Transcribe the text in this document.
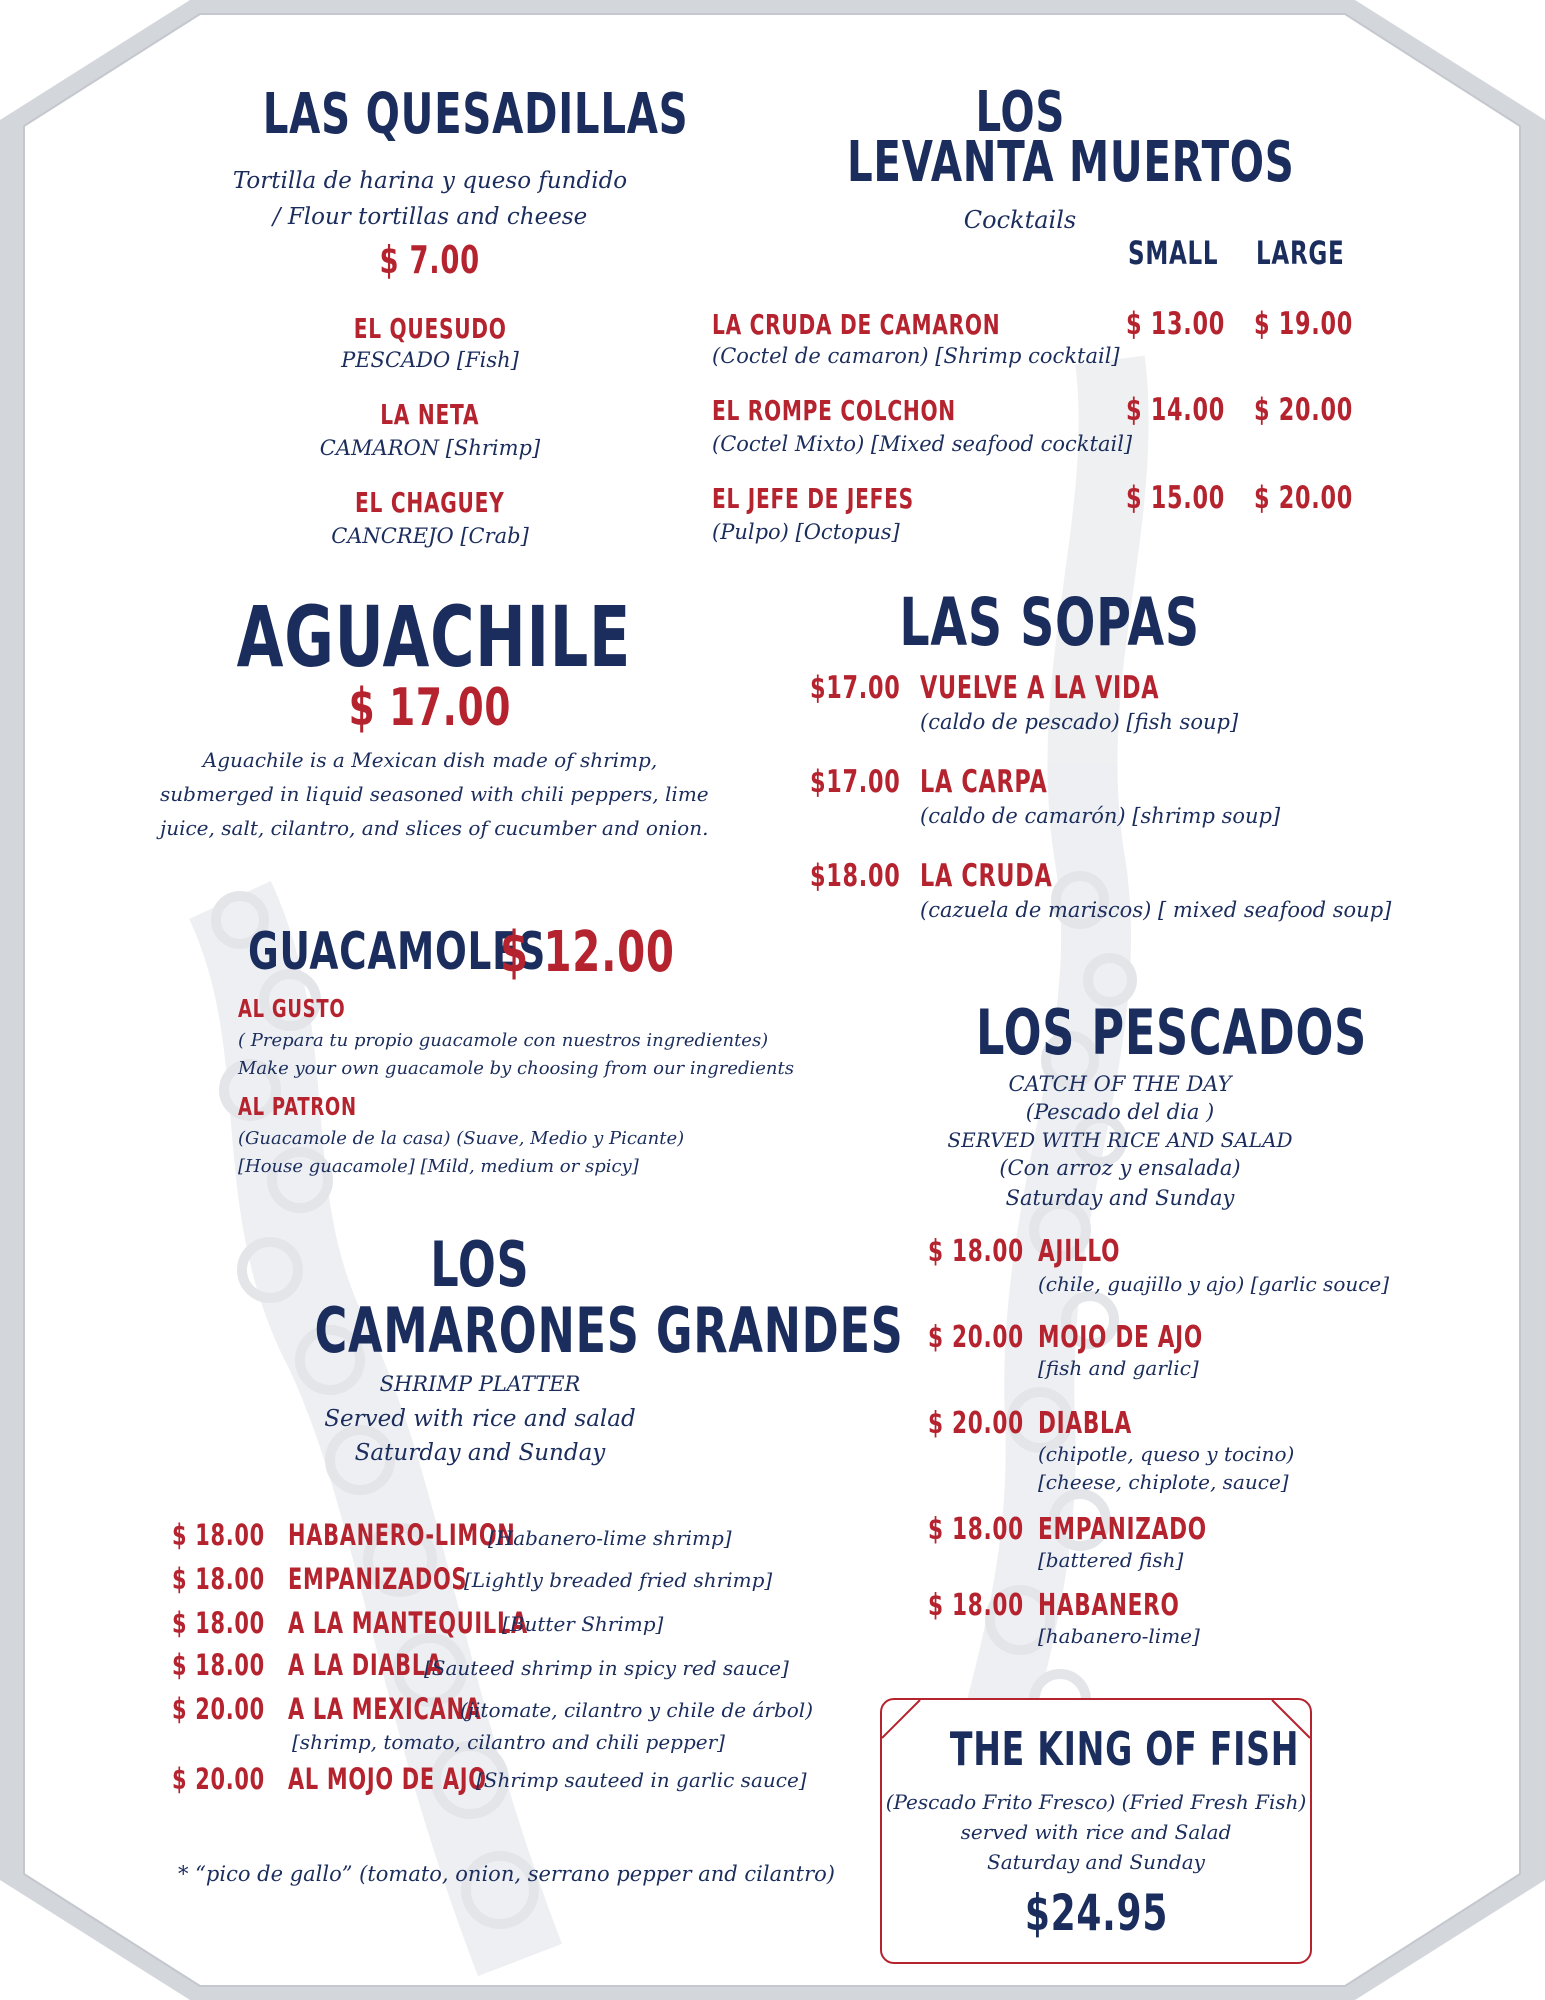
LAS QUESADILLAS
Tortilla de harina y queso fundido
/ Flour tortillas and cheese
$ 7.00
EL QUESUDO
PESCADO [Fish]
LA NETA
CAMARON [Shrimp]
EL CHAGUEY
CANCREJO [Crab]
LOS
LEVANTA MUERTOS
Cocktails
SMALL	LARGE
LA CRUDA DE CAMARON
(Coctel de camaron) [Shrimp cocktail]
$ 13.00 $ 19.00
EL ROMPE COLCHON
(Coctel Mixto) [Mixed seafood cocktail]
$ 14.00 $ 20.00
EL JEFE DE JEFES
(Pulpo) [Octopus]
$ 15.00 $ 20.00
AGUACHILE
$ 17.00
Aguachile is a Mexican dish made of shrimp,
submerged in liquid seasoned with chili peppers, lime
juice, salt, cilantro, and slices of cucumber and onion.
LAS SOPAS
$17.00 VUELVE A LA VIDA
(caldo de pescado) [fish soup]
$17.00 LA CARPA
(caldo de camarón) [shrimp soup]
$18.00 LA CRUDA
(cazuela de mariscos) [ mixed seafood soup]
GUACAMOLES
$ 12.00
AL GUSTO
( Prepara tu propio guacamole con nuestros ingredientes)
Make your own guacamole by choosing from our ingredients
AL PATRON
(Guacamole de la casa) (Suave, Medio y Picante)
[House guacamole] [Mild, medium or spicy]
LOS PESCADOS
CATCH OF THE DAY
(Pescado del dia )
SERVED WITH RICE AND SALAD
(Con arroz y ensalada)
Saturday and Sunday
$ 18.00 AJILLO
(chile, guajillo y ajo) [garlic souce]
$ 20.00 MOJO DE AJO
[fish and garlic]
$ 20.00 DIABLA
(chipotle, queso y tocino)
[cheese, chiplote, sauce]
$ 18.00 EMPANIZADO
[battered fish]
$ 18.00 HABANERO
[habanero-lime]
LOS
CAMARONES GRANDES
SHRIMP PLATTER
Served with rice and salad
Saturday and Sunday
$ 18.00 HABANERO-LIMON
[Habanero-lime shrimp]
$ 18.00 EMPANIZADOS
[Lightly breaded fried shrimp]
$ 18.00 A LA MANTEQUILLA
[Butter Shrimp]
$ 18.00 A LA DIABLA
[Sauteed shrimp in spicy red sauce]
$ 20.00 A LA MEXICANA
(jitomate, cilantro y chile de árbol)
[shrimp, tomato, cilantro and chili pepper]
$ 20.00 AL MOJO DE AJO
[Shrimp sauteed in garlic sauce]
* “pico de gallo” (tomato, onion, serrano pepper and cilantro)
THE KING OF FISH
(Pescado Frito Fresco) (Fried Fresh Fish)
served with rice and Salad
Saturday and Sunday
$24.95
